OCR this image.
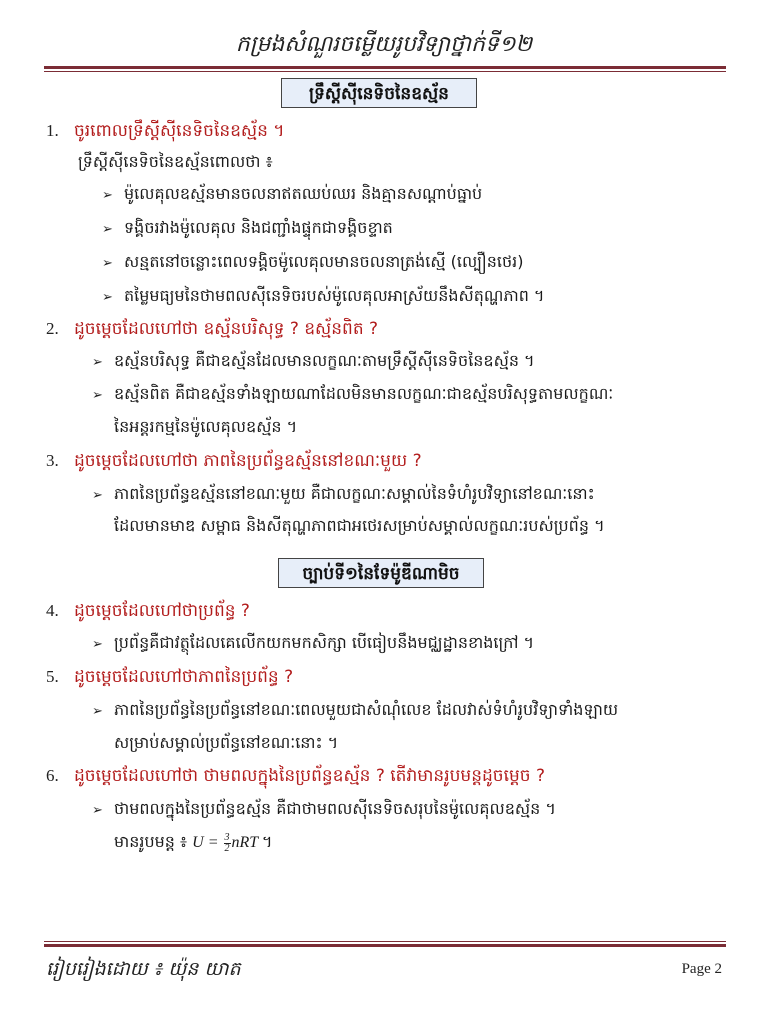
កម្រងសំណួរចម្លើយរូបវិទ្យាថ្នាក់ទី១២
ទ្រឹស្តីស៊ីនេទិចនៃឧស្ម័ន
1. ចូរពោលទ្រឹស្តីស៊ីនេទិចនៃឧស្ម័ន ។
ទ្រឹស្តីស៊ីនេទិចនៃឧស្ម័នពោលថា ៖
➢ ម៉ូលេគុលឧស្ម័នមានចលនាឥតឈប់ឈរ និងគ្មានសណ្តាប់ធ្នាប់
➢ ទង្គិចរវាងម៉ូលេគុល និងជញ្ជាំងផ្ទុកជាទង្គិចខ្ទាត
➢ សន្មតនៅចន្លោះពេលទង្គិចម៉ូលេគុលមានចលនាត្រង់ស្មើ (ល្បឿនថេរ)
➢ តម្លៃមធ្យមនៃថាមពលស៊ីនេទិចរបស់ម៉ូលេគុលអាស្រ័យនឹងសីតុណ្ហភាព ។
2. ដូចម្តេចដែលហៅថា ឧស្ម័នបរិសុទ្ធ ? ឧស្ម័នពិត ?
➢ ឧស្ម័នបរិសុទ្ធ គឺជាឧស្ម័នដែលមានលក្ខណៈតាមទ្រឹស្តីស៊ីនេទិចនៃឧស្ម័ន ។
➢ ឧស្ម័នពិត គឺជាឧស្ម័នទាំងឡាយណាដែលមិនមានលក្ខណៈជាឧស្ម័នបរិសុទ្ធតាមលក្ខណៈ
នៃអន្តរកម្មនៃម៉ូលេគុលឧស្ម័ន ។
3. ដូចម្តេចដែលហៅថា ភាពនៃប្រព័ន្ធឧស្ម័ននៅខណៈមួយ ?
➢ ភាពនៃប្រព័ន្ធឧស្ម័ននៅខណៈមួយ គឺជាលក្ខណៈសម្គាល់នៃទំហំរូបវិទ្យានៅខណៈនោះ
ដែលមានមាឌ សម្ពាធ និងសីតុណ្ហភាពជាអថេរសម្រាប់សម្គាល់លក្ខណៈរបស់ប្រព័ន្ធ ។
ច្បាប់ទី១នៃទែម៉ូឌីណាមិច
4. ដូចម្តេចដែលហៅថាប្រព័ន្ធ ?
➢ ប្រព័ន្ធគឺជាវត្ថុដែលគេលើកយកមកសិក្សា បើធៀបនឹងមជ្ឈដ្ឋានខាងក្រៅ ។
5. ដូចម្តេចដែលហៅថាភាពនៃប្រព័ន្ធ ?
➢ ភាពនៃប្រព័ន្ធនៃប្រព័ន្ធនៅខណៈពេលមួយជាសំណុំលេខ ដែលវាស់ទំហំរូបវិទ្យាទាំងឡាយ
សម្រាប់សម្គាល់ប្រព័ន្ធនៅខណៈនោះ ។
6. ដូចម្តេចដែលហៅថា ថាមពលក្នុងនៃប្រព័ន្ធឧស្ម័ន ? តើវាមានរូបមន្តដូចម្តេច ?
➢ ថាមពលក្នុងនៃប្រព័ន្ធឧស្ម័ន គឺជាថាមពលស៊ីនេទិចសរុបនៃម៉ូលេគុលឧស្ម័ន ។
មានរូបមន្ត ៖ $U = \frac{3}{2}$ nRT ។
រៀបរៀងដោយ ៖ យ៉ុន យាត	Page 2
